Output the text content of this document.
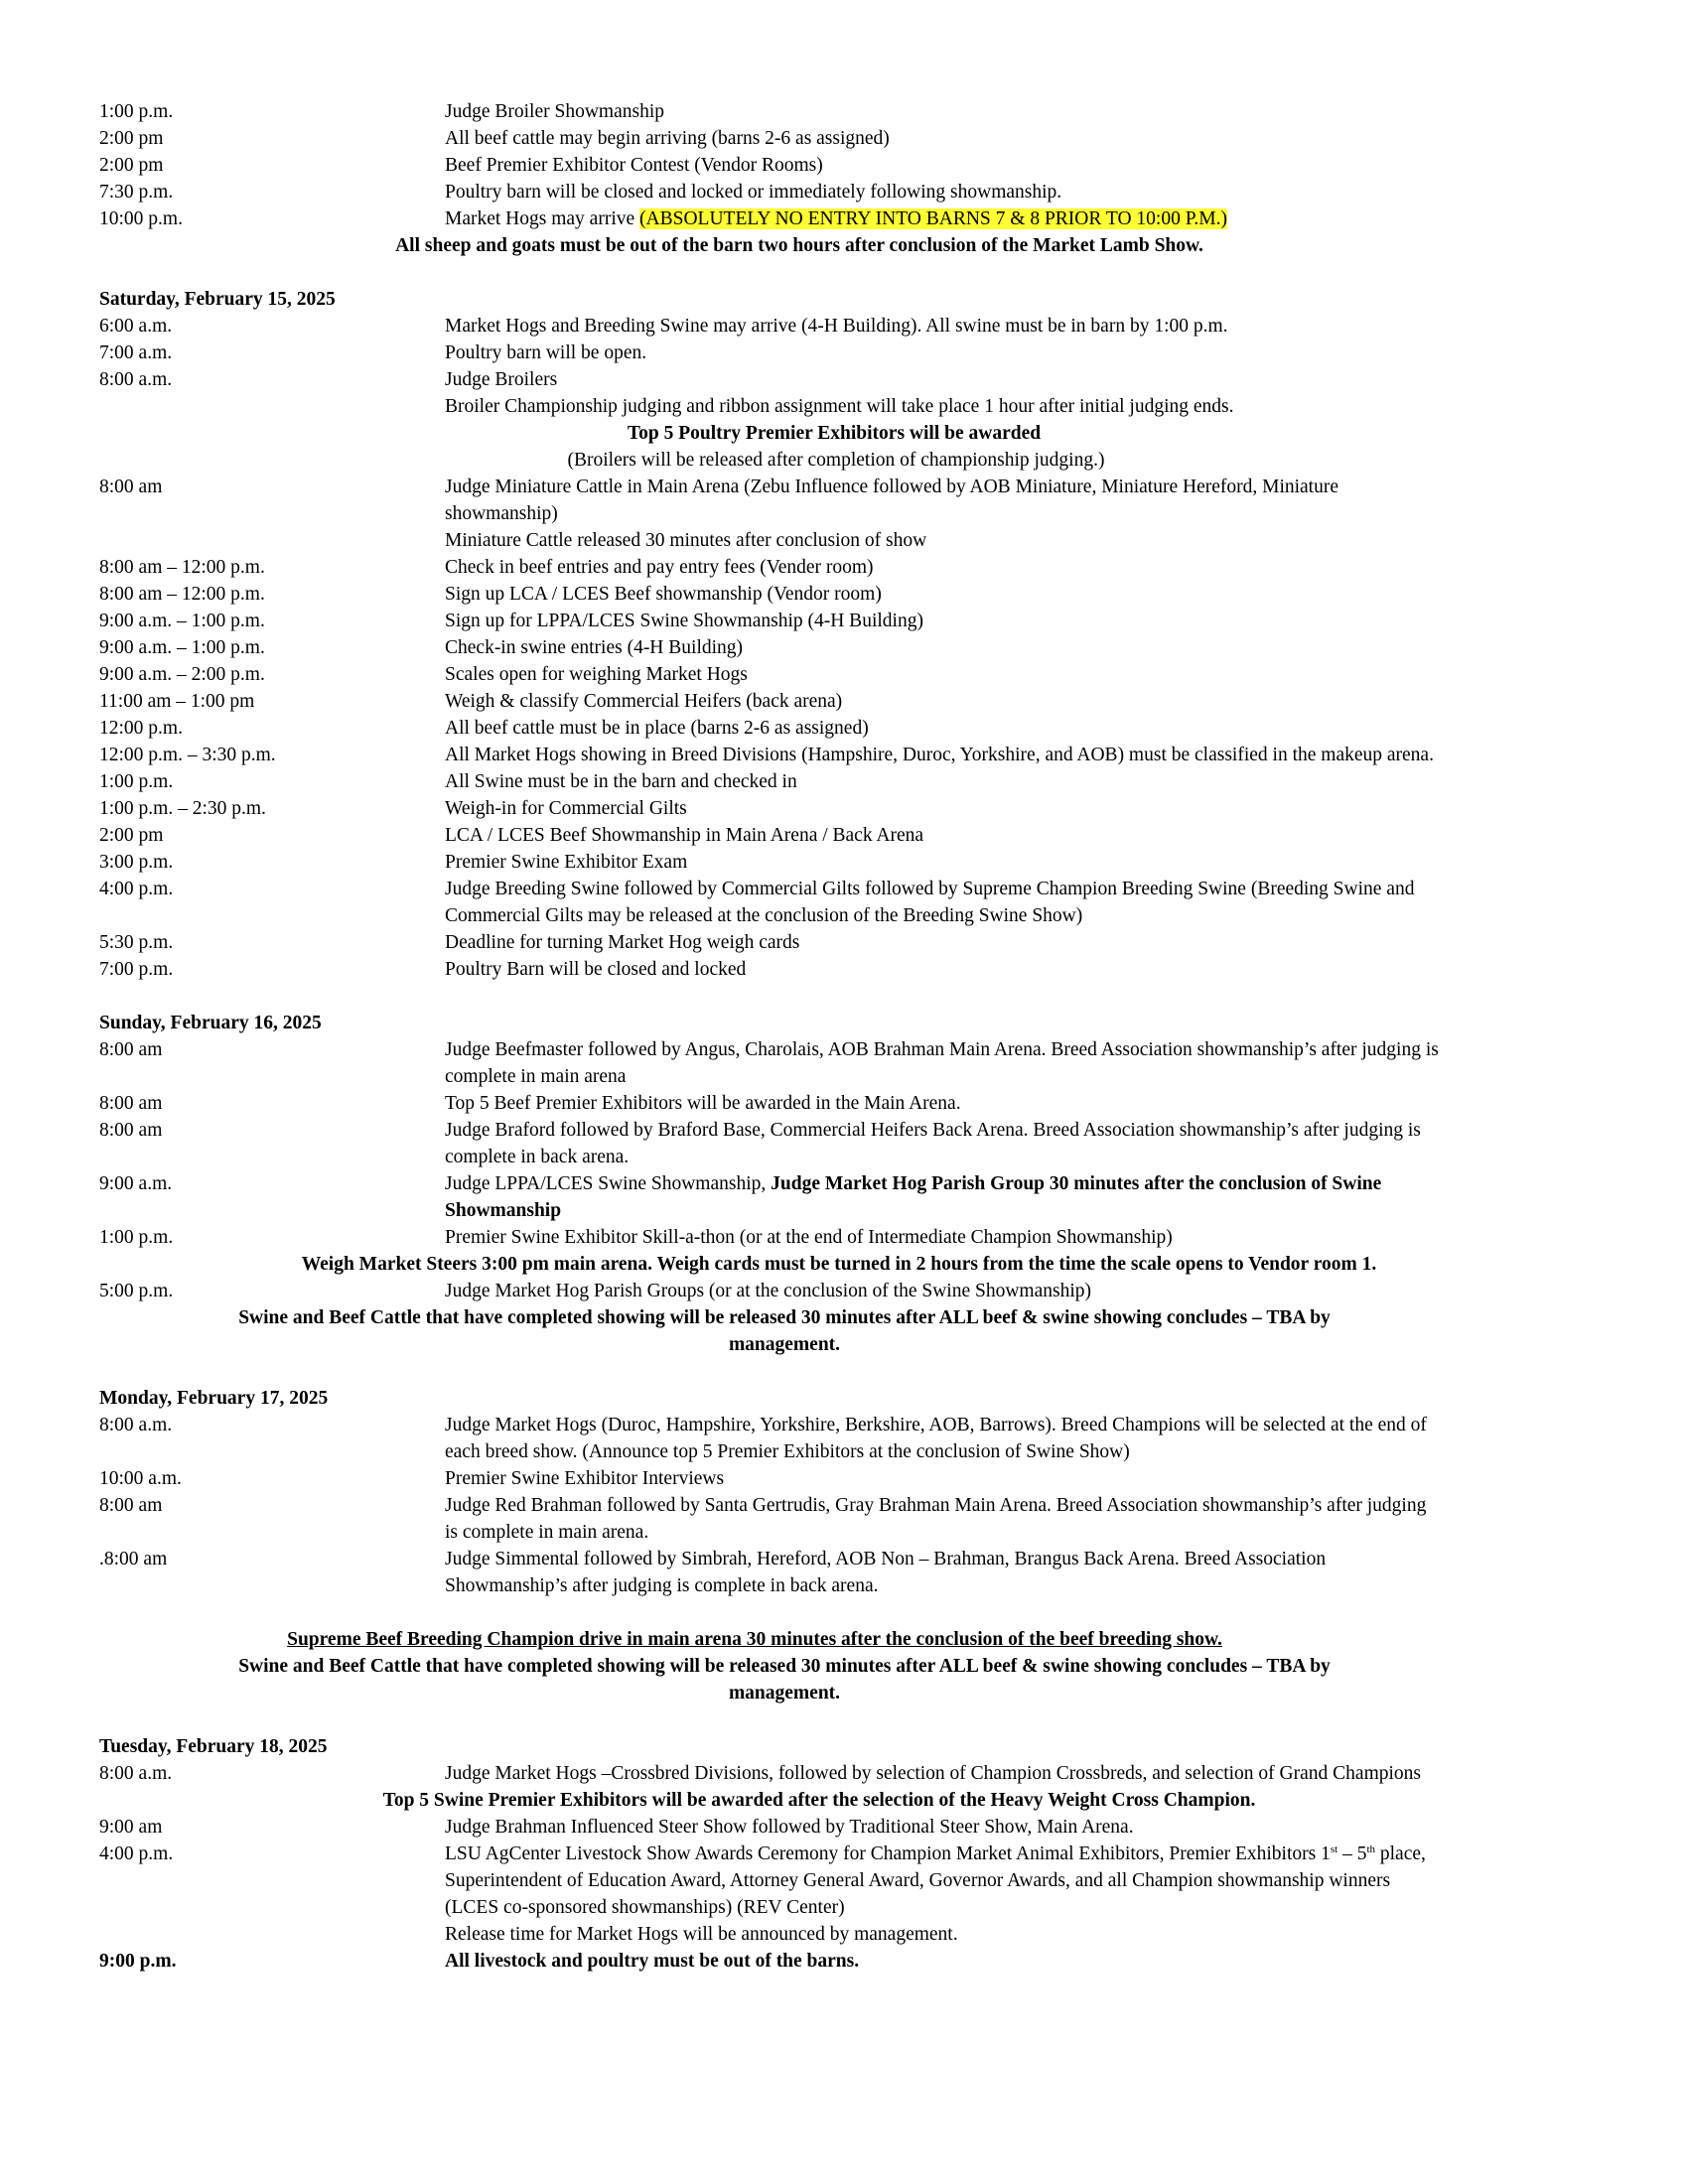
1:00 p.m.	Judge Broiler Showmanship
2:00 pm	All beef cattle may begin arriving (barns 2-6 as assigned)
2:00 pm	Beef Premier Exhibitor Contest (Vendor Rooms)
7:30 p.m.	Poultry barn will be closed and locked or immediately following showmanship.
10:00 p.m.	Market Hogs may arrive (ABSOLUTELY NO ENTRY INTO BARNS 7 & 8 PRIOR TO 10:00 P.M.)
All sheep and goats must be out of the barn two hours after conclusion of the Market Lamb Show.
Saturday, February 15, 2025
6:00 a.m.	Market Hogs and Breeding Swine may arrive (4-H Building). All swine must be in barn by 1:00 p.m.
7:00 a.m.	Poultry barn will be open.
8:00 a.m.	Judge Broilers
Broiler Championship judging and ribbon assignment will take place 1 hour after initial judging ends.
Top 5 Poultry Premier Exhibitors will be awarded
(Broilers will be released after completion of championship judging.)
8:00 am	Judge Miniature Cattle in Main Arena (Zebu Influence followed by AOB Miniature, Miniature Hereford, Miniature
showmanship)
Miniature Cattle released 30 minutes after conclusion of show
8:00 am – 12:00 p.m.	Check in beef entries and pay entry fees (Vender room)
8:00 am – 12:00 p.m.	Sign up LCA / LCES Beef showmanship (Vendor room)
9:00 a.m. – 1:00 p.m.	Sign up for LPPA/LCES Swine Showmanship (4-H Building)
9:00 a.m. – 1:00 p.m.	Check-in swine entries (4-H Building)
9:00 a.m. – 2:00 p.m.	Scales open for weighing Market Hogs
11:00 am – 1:00 pm	Weigh & classify Commercial Heifers (back arena)
12:00 p.m.	All beef cattle must be in place (barns 2-6 as assigned)
12:00 p.m. – 3:30 p.m.	All Market Hogs showing in Breed Divisions (Hampshire, Duroc, Yorkshire, and AOB) must be classified in the makeup arena.
1:00 p.m.	All Swine must be in the barn and checked in
1:00 p.m. – 2:30 p.m.	Weigh-in for Commercial Gilts
2:00 pm	LCA / LCES Beef Showmanship in Main Arena / Back Arena
3:00 p.m.	Premier Swine Exhibitor Exam
4:00 p.m.	Judge Breeding Swine followed by Commercial Gilts followed by Supreme Champion Breeding Swine (Breeding Swine and
Commercial Gilts may be released at the conclusion of the Breeding Swine Show)
5:30 p.m.	Deadline for turning Market Hog weigh cards
7:00 p.m.	Poultry Barn will be closed and locked
Sunday, February 16, 2025
8:00 am	Judge Beefmaster followed by Angus, Charolais, AOB Brahman Main Arena. Breed Association showmanship’s after judging is
complete in main arena
8:00 am	Top 5 Beef Premier Exhibitors will be awarded in the Main Arena.
8:00 am	Judge Braford followed by Braford Base, Commercial Heifers Back Arena. Breed Association showmanship’s after judging is
complete in back arena.
9:00 a.m.	Judge LPPA/LCES Swine Showmanship, Judge Market Hog Parish Group 30 minutes after the conclusion of Swine
Showmanship
1:00 p.m.	Premier Swine Exhibitor Skill-a-thon (or at the end of Intermediate Champion Showmanship)
Weigh Market Steers 3:00 pm main arena. Weigh cards must be turned in 2 hours from the time the scale opens to Vendor room 1.
5:00 p.m.	Judge Market Hog Parish Groups (or at the conclusion of the Swine Showmanship)
Swine and Beef Cattle that have completed showing will be released 30 minutes after ALL beef & swine showing concludes – TBA by
management.
Monday, February 17, 2025
8:00 a.m.	Judge Market Hogs (Duroc, Hampshire, Yorkshire, Berkshire, AOB, Barrows). Breed Champions will be selected at the end of
each breed show. (Announce top 5 Premier Exhibitors at the conclusion of Swine Show)
10:00 a.m.	Premier Swine Exhibitor Interviews
8:00 am	Judge Red Brahman followed by Santa Gertrudis, Gray Brahman Main Arena. Breed Association showmanship’s after judging
is complete in main arena.
.8:00 am	Judge Simmental followed by Simbrah, Hereford, AOB Non – Brahman, Brangus Back Arena. Breed Association
Showmanship’s after judging is complete in back arena.
Supreme Beef Breeding Champion drive in main arena 30 minutes after the conclusion of the beef breeding show.
Swine and Beef Cattle that have completed showing will be released 30 minutes after ALL beef & swine showing concludes – TBA by
management.
Tuesday, February 18, 2025
8:00 a.m.	Judge Market Hogs –Crossbred Divisions, followed by selection of Champion Crossbreds, and selection of Grand Champions
Top 5 Swine Premier Exhibitors will be awarded after the selection of the Heavy Weight Cross Champion.
9:00 am	Judge Brahman Influenced Steer Show followed by Traditional Steer Show, Main Arena.
4:00 p.m.	LSU AgCenter Livestock Show Awards Ceremony for Champion Market Animal Exhibitors, Premier Exhibitors 1st – 5th place,
Superintendent of Education Award, Attorney General Award, Governor Awards, and all Champion showmanship winners
(LCES co-sponsored showmanships) (REV Center)
Release time for Market Hogs will be announced by management.
9:00 p.m.	All livestock and poultry must be out of the barns.
